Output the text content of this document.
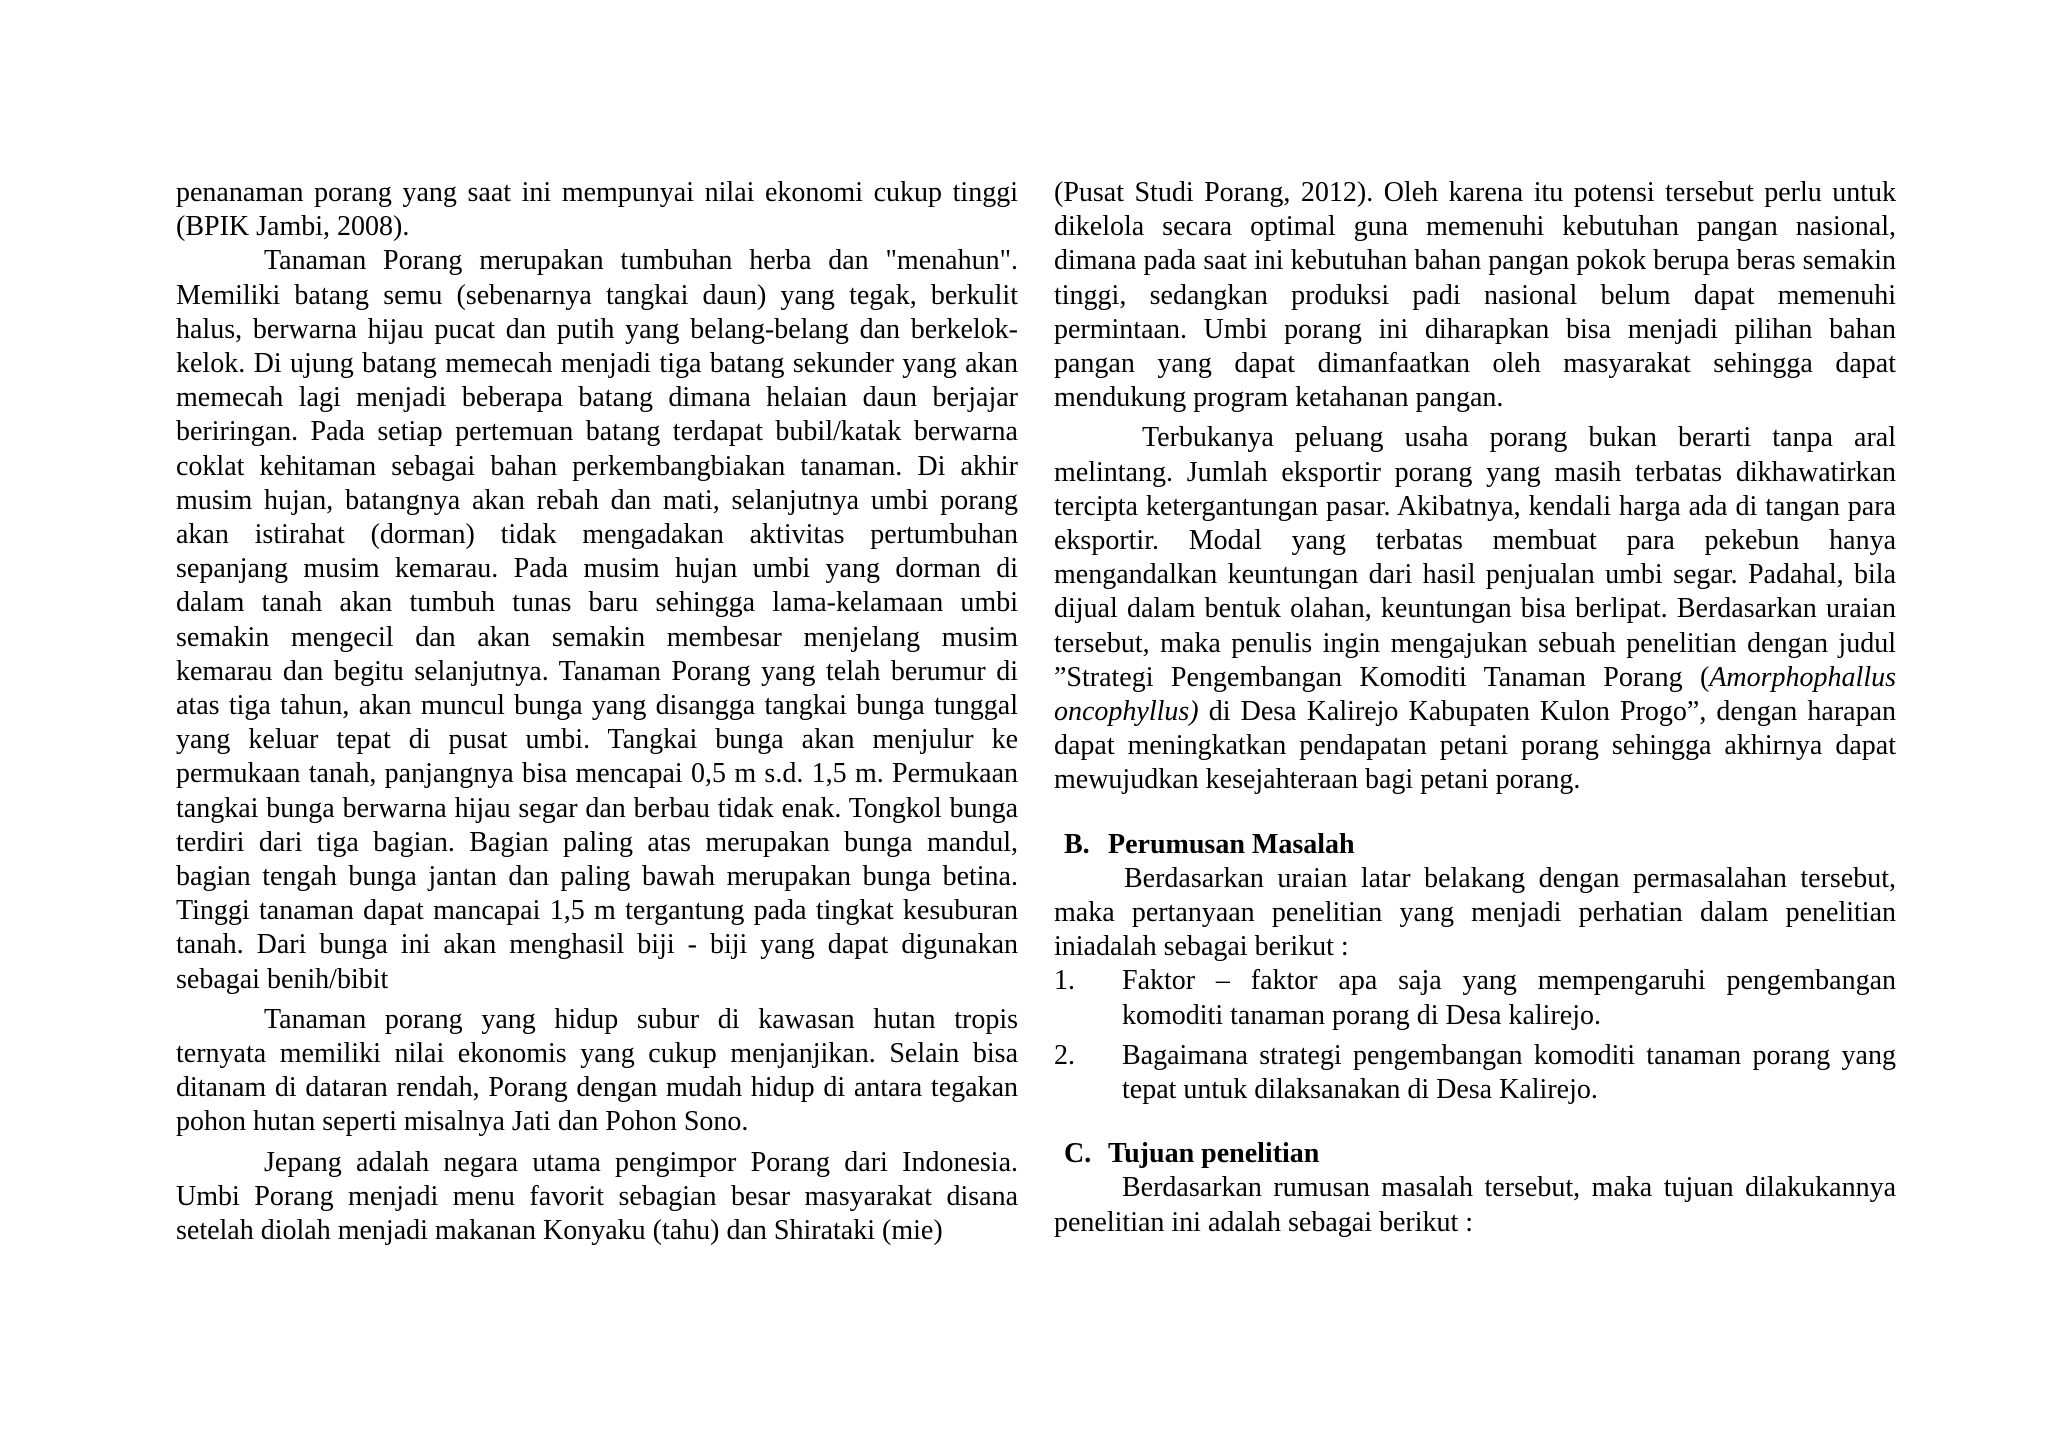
penanaman porang yang saat ini mempunyai nilai ekonomi cukup tinggi (BPIK Jambi, 2008).

Tanaman Porang merupakan tumbuhan herba dan "menahun". Memiliki batang semu (sebenarnya tangkai daun) yang tegak, berkulit halus, berwarna hijau pucat dan putih yang belang-belang dan berkelok-kelok. Di ujung batang memecah menjadi tiga batang sekunder yang akan memecah lagi menjadi beberapa batang dimana helaian daun berjajar beriringan. Pada setiap pertemuan batang terdapat bubil/katak berwarna coklat kehitaman sebagai bahan perkembangbiakan tanaman. Di akhir musim hujan, batangnya akan rebah dan mati, selanjutnya umbi porang akan istirahat (dorman) tidak mengadakan aktivitas pertumbuhan sepanjang musim kemarau. Pada musim hujan umbi yang dorman di dalam tanah akan tumbuh tunas baru sehingga lama-kelamaan umbi semakin mengecil dan akan semakin membesar menjelang musim kemarau dan begitu selanjutnya. Tanaman Porang yang telah berumur di atas tiga tahun, akan muncul bunga yang disangga tangkai bunga tunggal yang keluar tepat di pusat umbi. Tangkai bunga akan menjulur ke permukaan tanah, panjangnya bisa mencapai 0,5 m s.d. 1,5 m. Permukaan tangkai bunga berwarna hijau segar dan berbau tidak enak. Tongkol bunga terdiri dari tiga bagian. Bagian paling atas merupakan bunga mandul, bagian tengah bunga jantan dan paling bawah merupakan bunga betina. Tinggi tanaman dapat mancapai 1,5 m tergantung pada tingkat kesuburan tanah. Dari bunga ini akan menghasil biji - biji yang dapat digunakan sebagai benih/bibit

Tanaman porang yang hidup subur di kawasan hutan tropis ternyata memiliki nilai ekonomis yang cukup menjanjikan. Selain bisa ditanam di dataran rendah, Porang dengan mudah hidup di antara tegakan pohon hutan seperti misalnya Jati dan Pohon Sono.

Jepang adalah negara utama pengimpor Porang dari Indonesia. Umbi Porang menjadi menu favorit sebagian besar masyarakat disana setelah diolah menjadi makanan Konyaku (tahu) dan Shirataki (mie)

(Pusat Studi Porang, 2012). Oleh karena itu potensi tersebut perlu untuk dikelola secara optimal guna memenuhi kebutuhan pangan nasional, dimana pada saat ini kebutuhan bahan pangan pokok berupa beras semakin tinggi, sedangkan produksi padi nasional belum dapat memenuhi permintaan. Umbi porang ini diharapkan bisa menjadi pilihan bahan pangan yang dapat dimanfaatkan oleh masyarakat sehingga dapat mendukung program ketahanan pangan.

Terbukanya peluang usaha porang bukan berarti tanpa aral melintang. Jumlah eksportir porang yang masih terbatas dikhawatirkan tercipta ketergantungan pasar. Akibatnya, kendali harga ada di tangan para eksportir. Modal yang terbatas membuat para pekebun hanya mengandalkan keuntungan dari hasil penjualan umbi segar. Padahal, bila dijual dalam bentuk olahan, keuntungan bisa berlipat. Berdasarkan uraian tersebut, maka penulis ingin mengajukan sebuah penelitian dengan judul ”Strategi Pengembangan Komoditi Tanaman Porang (Amorphophallus oncophyllus) di Desa Kalirejo Kabupaten Kulon Progo”, dengan harapan dapat meningkatkan pendapatan petani porang sehingga akhirnya dapat mewujudkan kesejahteraan bagi petani porang.

B. Perumusan Masalah

Berdasarkan uraian latar belakang dengan permasalahan tersebut, maka pertanyaan penelitian yang menjadi perhatian dalam penelitian iniadalah sebagai berikut :

1.	Faktor – faktor apa saja yang mempengaruhi pengembangan komoditi tanaman porang di Desa kalirejo.
2.	Bagaimana strategi pengembangan komoditi tanaman porang yang tepat untuk dilaksanakan di Desa Kalirejo.
C. Tujuan penelitian

Berdasarkan rumusan masalah tersebut, maka tujuan dilakukannya penelitian ini adalah sebagai berikut :
